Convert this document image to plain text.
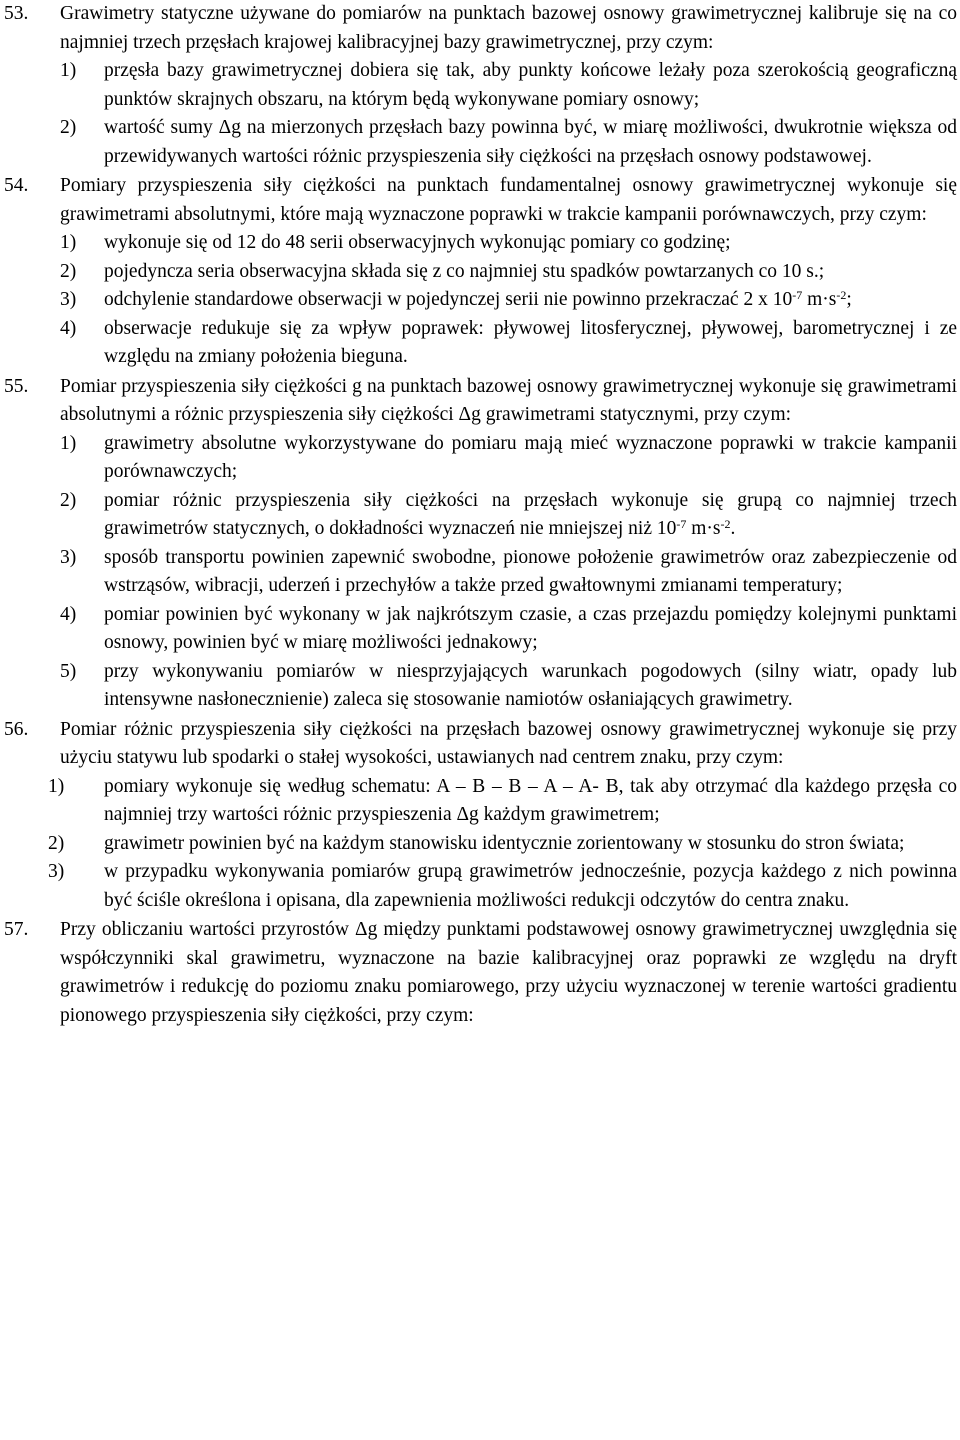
53. Grawimetry statyczne używane do pomiarów na punktach bazowej osnowy grawimetrycznej kalibruje się na co najmniej trzech przęsłach krajowej kalibracyjnej bazy grawimetrycznej, przy czym:
1) przęsła bazy grawimetrycznej dobiera się tak, aby punkty końcowe leżały poza szerokością geograficzną punktów skrajnych obszaru, na którym będą wykonywane pomiary osnowy;
2) wartość sumy Δg na mierzonych przęsłach bazy powinna być, w miarę możliwości, dwukrotnie większa od przewidywanych wartości różnic przyspieszenia siły ciężkości na przęsłach osnowy podstawowej.
54. Pomiary przyspieszenia siły ciężkości na punktach fundamentalnej osnowy grawimetrycznej wykonuje się grawimetrami absolutnymi, które mają wyznaczone poprawki w trakcie kampanii porównawczych, przy czym:
1) wykonuje się od 12 do 48 serii obserwacyjnych wykonując pomiary co godzinę;
2) pojedyncza seria obserwacyjna składa się z co najmniej stu spadków powtarzanych co 10 s.;
3) odchylenie standardowe obserwacji w pojedynczej serii nie powinno przekraczać 2 x $10^{-7}$ $m\cdot s^{-2}$;
4) obserwacje redukuje się za wpływ poprawek: pływowej litosferycznej, pływowej, barometrycznej i ze względu na zmiany położenia bieguna.
55. Pomiar przyspieszenia siły ciężkości g na punktach bazowej osnowy grawimetrycznej wykonuje się grawimetrami absolutnymi a różnic przyspieszenia siły ciężkości Δg grawimetrami statycznymi, przy czym:
1) grawimetry absolutne wykorzystywane do pomiaru mają mieć wyznaczone poprawki w trakcie kampanii porównawczych;
2) pomiar różnic przyspieszenia siły ciężkości na przęsłach wykonuje się grupą co najmniej trzech grawimetrów statycznych, o dokładności wyznaczeń nie mniejszej niż $10^{-7}$ $m\cdot s^{-2}$.
3) sposób transportu powinien zapewnić swobodne, pionowe położenie grawimetrów oraz zabezpieczenie od wstrząsów, wibracji, uderzeń i przechyłów a także przed gwałtownymi zmianami temperatury;
4) pomiar powinien być wykonany w jak najkrótszym czasie, a czas przejazdu pomiędzy kolejnymi punktami osnowy, powinien być w miarę możliwości jednakowy;
5) przy wykonywaniu pomiarów w niesprzyjających warunkach pogodowych (silny wiatr, opady lub intensywne nasłonecznienie) zaleca się stosowanie namiotów osłaniających grawimetry.
56. Pomiar różnic przyspieszenia siły ciężkości na przęsłach bazowej osnowy grawimetrycznej wykonuje się przy użyciu statywu lub spodarki o stałej wysokości, ustawianych nad centrem znaku, przy czym:
1) pomiary wykonuje się według schematu: A – B – B – A – A- B, tak aby otrzymać dla każdego przęsła co najmniej trzy wartości różnic przyspieszenia Δg każdym grawimetrem;
2) grawimetr powinien być na każdym stanowisku identycznie zorientowany w stosunku do stron świata;
3) w przypadku wykonywania pomiarów grupą grawimetrów jednocześnie, pozycja każdego z nich powinna być ściśle określona i opisana, dla zapewnienia możliwości redukcji odczytów do centra znaku.
57. Przy obliczaniu wartości przyrostów Δg między punktami podstawowej osnowy grawimetrycznej uwzględnia się współczynniki skal grawimetru, wyznaczone na bazie kalibracyjnej oraz poprawki ze względu na dryft grawimetrów i redukcję do poziomu znaku pomiarowego, przy użyciu wyznaczonej w terenie wartości gradientu pionowego przyspieszenia siły ciężkości, przy czym:
